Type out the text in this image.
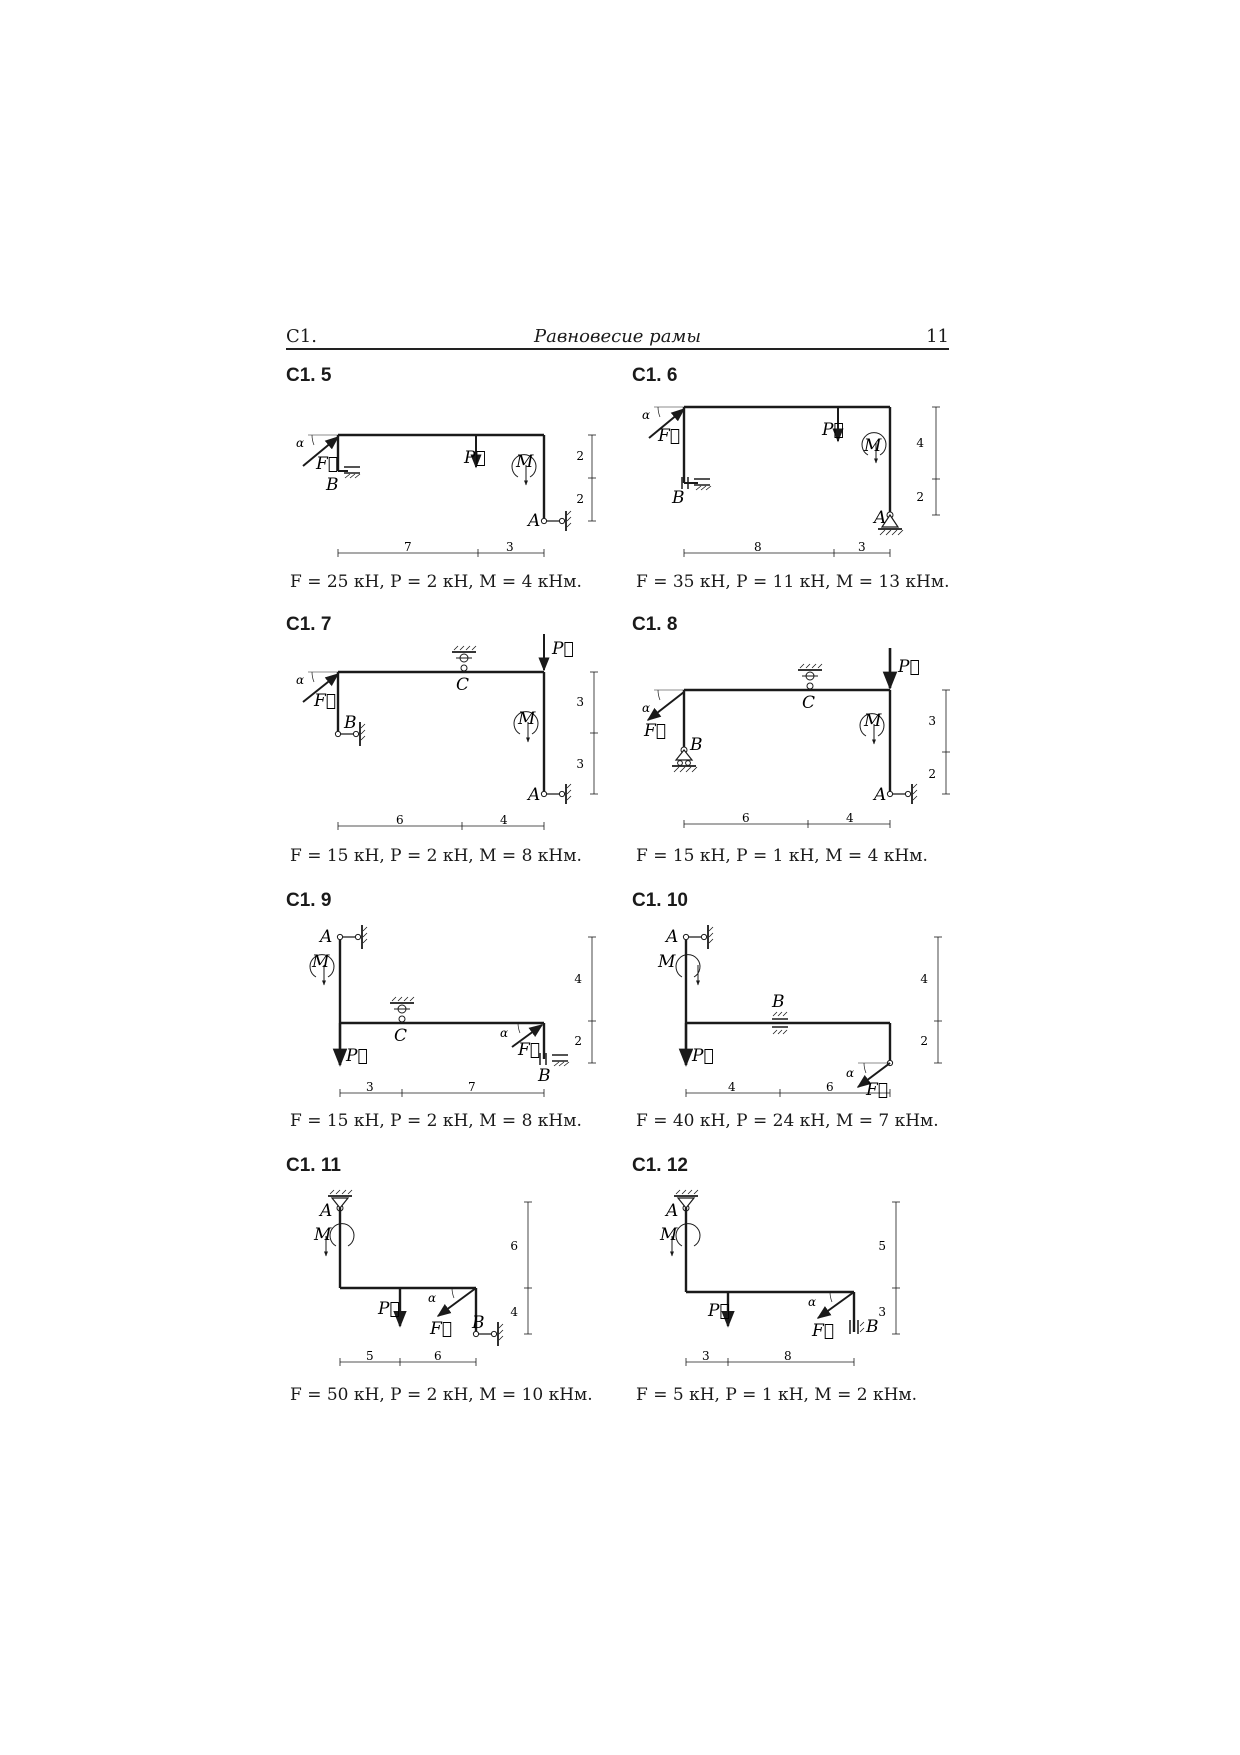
C1.	Равновесие рамы	11
C1. 5
α
F⃗
B
P⃗ M
A
7	3
2
2
F = 25 кН, P = 2 кН, M = 4 кНм.
C1. 6
α
F⃗
B
P⃗
M
A
8	3
4
2
F = 35 кН, P = 11 кН, M = 13 кНм.
C1. 7
α
F⃗
B
C
P⃗
M
A
6	4
3
3
F = 15 кН, P = 2 кН, M = 8 кНм.
C1. 8
α
F⃗
B
C
P⃗
M
A
6	4
3
2
F = 15 кН, P = 1 кН, M = 4 кНм.
C1. 9
A
M
C
P⃗
α
F⃗
B
3	7
4
2
F = 15 кН, P = 2 кН, M = 8 кНм.
C1. 10
A
M
B
P⃗
α
F⃗
4	6
4
2
F = 40 кН, P = 24 кН, M = 7 кНм.
C1. 11
A
M
P⃗
α
F⃗ B
5	6
6
4
F = 50 кН, P = 2 кН, M = 10 кНм.
C1. 12
A
M
P⃗	α
F⃗ B
3	8
5
3
F = 5 кН, P = 1 кН, M = 2 кНм.
